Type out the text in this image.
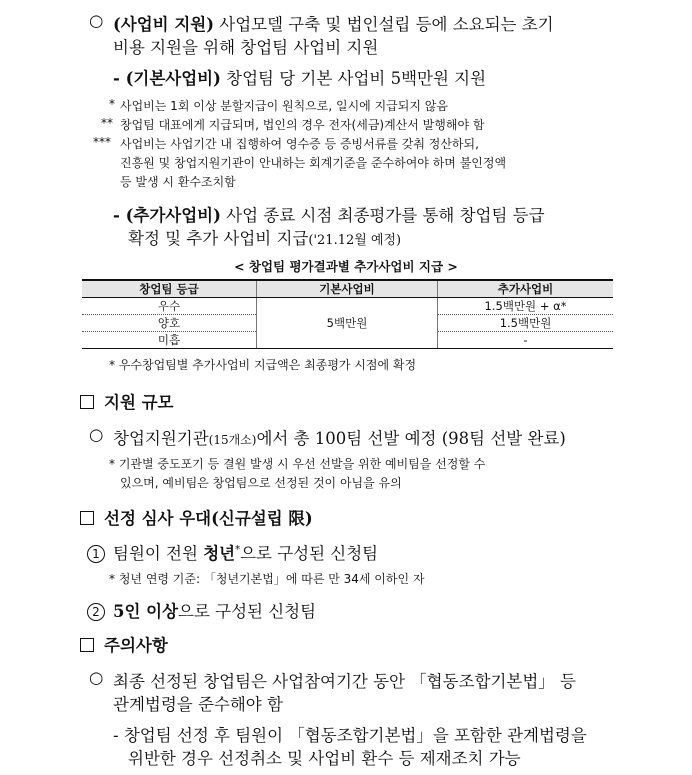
○ (사업비 지원) 사업모델 구축 및 법인설립 등에 소요되는 초기
비용 지원을 위해 창업팀 사업비 지원
- (기본사업비) 창업팀 당 기본 사업비 5백만원 지원
* 사업비는 1회 이상 분할지급이 원칙으로, 일시에 지급되지 않음
** 창업팀 대표에게 지급되며, 법인의 경우 전자(세금)계산서 발행해야 함
*** 사업비는 사업기간 내 집행하여 영수증 등 증빙서류를 갖춰 정산하되,
진흥원 및 창업지원기관이 안내하는 회계기준을 준수하여야 하며 불인정액
등 발생 시 환수조치함
- (추가사업비) 사업 종료 시점 최종평가를 통해 창업팀 등급
확정 및 추가 사업비 지급('21.12월 예정)
< 창업팀 평가결과별 추가사업비 지급 >
창업팀 등급	기본사업비	추가사업비
우수	5백만원	1.5백만원 + α*
양호		1.5백만원
미흡		-
* 우수창업팀별 추가사업비 지급액은 최종평가 시점에 확정
지원 규모
○ 창업지원기관(15개소)에서 총 100팀 선발 예정 (98팀 선발 완료)
* 기관별 중도포기 등 결원 발생 시 우선 선발을 위한 예비팀을 선정할 수
있으며, 예비팀은 창업팀으로 선정된 것이 아님을 유의
선정 심사 우대(신규설립 限)
1 팀원이 전원 청년*으로 구성된 신청팀
* 청년 연령 기준: 「청년기본법」에 따른 만 34세 이하인 자
2 5인 이상으로 구성된 신청팀
주의사항
○ 최종 선정된 창업팀은 사업참여기간 동안 「협동조합기본법」 등
관계법령을 준수해야 함
- 창업팀 선정 후 팀원이 「협동조합기본법」을 포함한 관계법령을
위반한 경우 선정취소 및 사업비 환수 등 제재조치 가능
